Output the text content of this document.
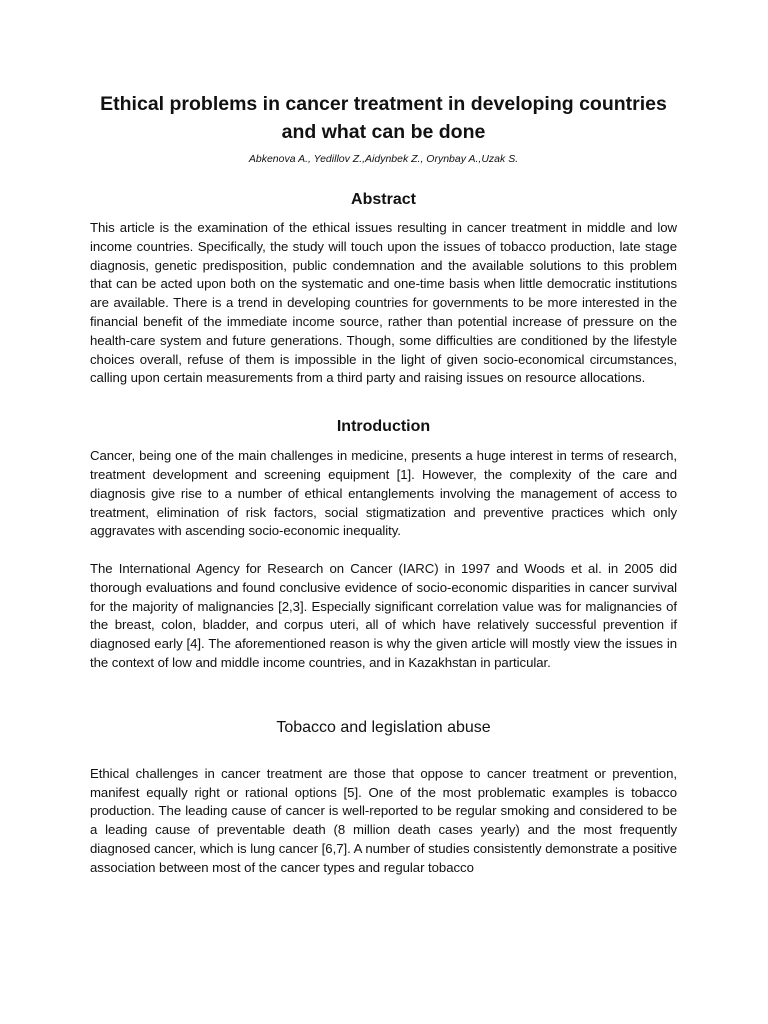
Ethical problems in cancer treatment in developing countries and what can be done
Abkenova A., Yedillov Z.,Aidynbek Z., Orynbay A.,Uzak S.
Abstract

This article is the examination of the ethical issues resulting in cancer treatment in middle and low income countries. Specifically, the study will touch upon the issues of tobacco production, late stage diagnosis, genetic predisposition, public condemnation and the available solutions to this problem that can be acted upon both on the systematic and one-time basis when little democratic institutions are available. There is a trend in developing countries for governments to be more interested in the financial benefit of the immediate income source, rather than potential increase of pressure on the health-care system and future generations. Though, some difficulties are conditioned by the lifestyle choices overall, refuse of them is impossible in the light of given socio-economical circumstances, calling upon certain measurements from a third party and raising issues on resource allocations.

Introduction

Cancer, being one of the main challenges in medicine, presents a huge interest in terms of research, treatment development and screening equipment [1]. However, the complexity of the care and diagnosis give rise to a number of ethical entanglements involving the management of access to treatment, elimination of risk factors, social stigmatization and preventive practices which only aggravates with ascending socio-economic inequality.

The International Agency for Research on Cancer (IARC) in 1997 and Woods et al. in 2005 did thorough evaluations and found conclusive evidence of socio-economic disparities in cancer survival for the majority of malignancies [2,3]. Especially significant correlation value was for malignancies of the breast, colon, bladder, and corpus uteri, all of which have relatively successful prevention if diagnosed early [4]. The aforementioned reason is why the given article will mostly view the issues in the context of low and middle income countries, and in Kazakhstan in particular.

Tobacco and legislation abuse

Ethical challenges in cancer treatment are those that oppose to cancer treatment or prevention, manifest equally right or rational options [5]. One of the most problematic examples is tobacco production. The leading cause of cancer is well-reported to be regular smoking and considered to be a leading cause of preventable death (8 million death cases yearly) and the most frequently diagnosed cancer, which is lung cancer [6,7]. A number of studies consistently demonstrate a positive association between most of the cancer types and regular tobacco
